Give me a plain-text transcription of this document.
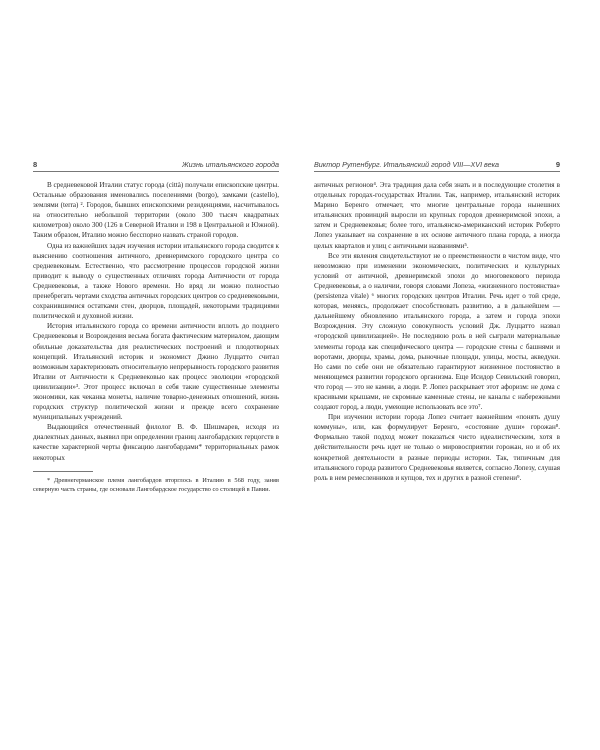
8	Жизнь итальянского города

В средневековой Италии статус города (città) получали епископские центры. Остальные образования именовались поселениями (borgo), замками (castello), землями (terra) ². Городов, бывших епископскими резиденциями, насчитывалось на относительно небольшой территории (около 300 тысяч квадратных километров) около 300 (126 в Северной Италии и 198 в Центральной и Южной). Таким образом, Италию можно бесспорно назвать страной городов.

Одна из важнейших задач изучения истории итальянского города сводится к выяснению соотношения античного, древнеримского городского центра со средневековым. Естественно, что рассмотрение процессов городской жизни приводит к выводу о существенных отличиях города Античности от города Средневековья, а также Нового времени. Но вряд ли можно полностью пренебрегать чертами сходства античных городских центров со средневековыми, сохранившимися остатками стен, дворцов, площадей, некоторыми традициями политической и духовной жизни.

История итальянского города со времени античности вплоть до позднего Средневековья и Возрождения весьма богата фактическим материалом, дающим обильные доказательства для реалистических построений и плодотворных концепций. Итальянский историк и экономист Джино Луццатто считал возможным характеризовать относительную непрерывность городского развития Италии от Античности к Средневековью как процесс эволюции «городской цивилизации»³. Этот процесс включал в себя такие существенные элементы экономики, как чеканка монеты, наличие товарно-денежных отношений, жизнь городских структур политической жизни и прежде всего сохранение муниципальных учреждений.

Выдающийся отечественный филолог В. Ф. Шишмарев, исходя из диалектных данных, выявил при определении границ лангобардских герцогств в качестве характерной черты фиксацию лангобардами* территориальных рамок некоторых

* Древнегерманское племя лангобардов вторглось в Италию в 568 году, заняв северную часть страны, где основали Лангобардское государство со столицей в Павии.

Виктор Рутенбург. Итальянский город VIII—XVI века	9

античных регионов⁴. Эта традиция дала себя знать и в последующие столетия в отдельных городах-государствах Италии. Так, например, итальянский историк Марино Беренго отмечает, что многие центральные города нынешних итальянских провинций выросли из крупных городов древнеримской эпохи, а затем и Средневековья; более того, итальянско-американский историк Роберто Лопез указывает на сохранение в их основе античного плана города, а иногда целых кварталов и улиц с античными названиями⁵.

Все эти явления свидетельствуют не о преемственности в чистом виде, что невозможно при изменении экономических, политических и культурных условий от античной, древнеримской эпохи до многовекового периода Средневековья, а о наличии, говоря словами Лопеза, «жизненного постоянства» (persistenza vitale) ⁶ многих городских центров Италии. Речь идет о той среде, которая, меняясь, продолжает способствовать развитию, а в дальнейшем — дальнейшему обновлению итальянского города, а затем и города эпохи Возрождения. Эту сложную совокупность условий Дж. Луццатто назвал «городской цивилизацией». Не последнюю роль в ней сыграли материальные элементы города как специфического центра — городские стены с башнями и воротами, дворцы, храмы, дома, рыночные площади, улицы, мосты, акведуки. Но сами по себе они не обязательно гарантируют жизненное постоянство в меняющемся развитии городского организма. Еще Исидор Севильский говорил, что город — это не камни, а люди. Р. Лопез раскрывает этот афоризм: не дома с красивыми крышами, не скромные каменные стены, не каналы с набережными создают город, а люди, умеющие использовать все это⁷.

При изучении истории города Лопез считает важнейшим «понять душу коммуны», или, как формулирует Беренго, «состояние души» горожан⁸. Формально такой подход может показаться чисто идеалистическим, хотя в действительности речь идет не только о мировосприятии горожан, но и об их конкретной деятельности в разные периоды истории. Так, типичным для итальянского города развитого Средневековья является, согласно Лопезу, слушая роль в нем ремесленников и купцов, тех и других в разной степени⁹.
